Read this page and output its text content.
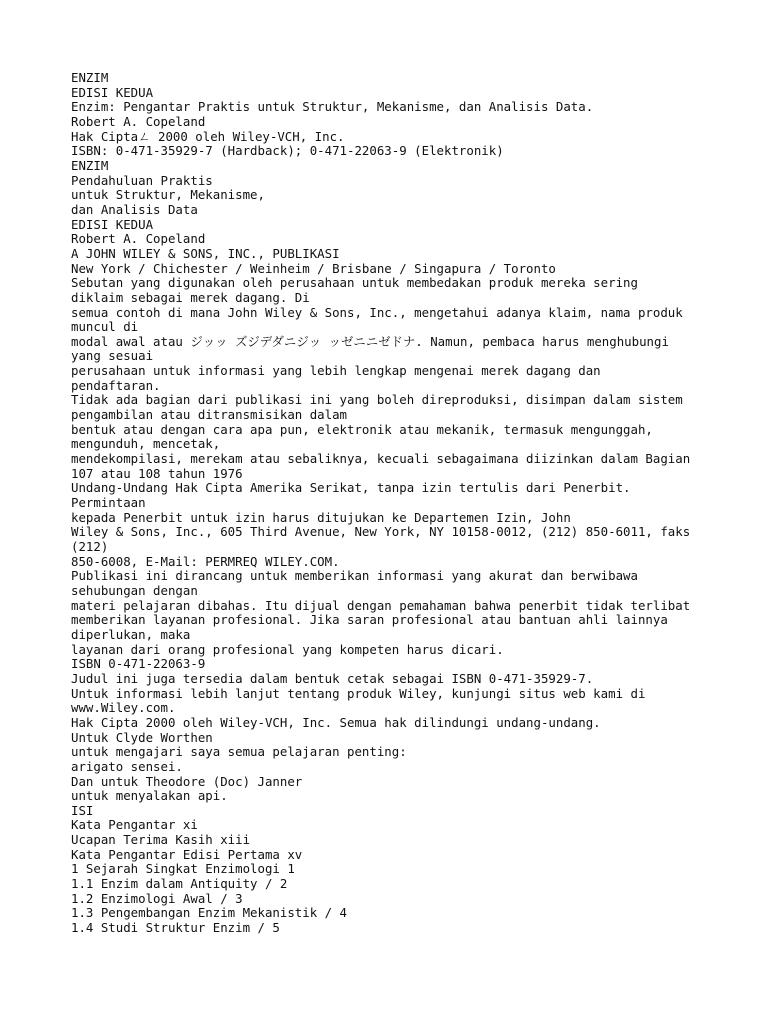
ENZIM
EDISI KEDUA
Enzim: Pengantar Praktis untuk Struktur, Mekanisme, dan Analisis Data.
Robert A. Copeland
Hak Ciptaㄥ 2000 oleh Wiley-VCH, Inc.
ISBN: 0-471-35929-7 (Hardback); 0-471-22063-9 (Elektronik)
ENZIM
Pendahuluan Praktis
untuk Struktur, Mekanisme,
dan Analisis Data
EDISI KEDUA
Robert A. Copeland
A JOHN WILEY & SONS, INC., PUBLIKASI
New York / Chichester / Weinheim / Brisbane / Singapura / Toronto
Sebutan yang digunakan oleh perusahaan untuk membedakan produk mereka sering
diklaim sebagai merek dagang. Di
semua contoh di mana John Wiley & Sons, Inc., mengetahui adanya klaim, nama produk
muncul di
modal awal atau ジッッ ズジデダニジッ ッゼニニゼドナ. Namun, pembaca harus menghubungi
yang sesuai
perusahaan untuk informasi yang lebih lengkap mengenai merek dagang dan
pendaftaran.
Tidak ada bagian dari publikasi ini yang boleh direproduksi, disimpan dalam sistem
pengambilan atau ditransmisikan dalam
bentuk atau dengan cara apa pun, elektronik atau mekanik, termasuk mengunggah,
mengunduh, mencetak,
mendekompilasi, merekam atau sebaliknya, kecuali sebagaimana diizinkan dalam Bagian
107 atau 108 tahun 1976
Undang-Undang Hak Cipta Amerika Serikat, tanpa izin tertulis dari Penerbit.
Permintaan
kepada Penerbit untuk izin harus ditujukan ke Departemen Izin, John
Wiley & Sons, Inc., 605 Third Avenue, New York, NY 10158-0012, (212) 850-6011, faks
(212)
850-6008, E-Mail: PERMREQ WILEY.COM.
Publikasi ini dirancang untuk memberikan informasi yang akurat dan berwibawa
sehubungan dengan
materi pelajaran dibahas. Itu dijual dengan pemahaman bahwa penerbit tidak terlibat
memberikan layanan profesional. Jika saran profesional atau bantuan ahli lainnya
diperlukan, maka
layanan dari orang profesional yang kompeten harus dicari.
ISBN 0-471-22063-9
Judul ini juga tersedia dalam bentuk cetak sebagai ISBN 0-471-35929-7.
Untuk informasi lebih lanjut tentang produk Wiley, kunjungi situs web kami di
www.Wiley.com.
Hak Cipta 2000 oleh Wiley-VCH, Inc. Semua hak dilindungi undang-undang.
Untuk Clyde Worthen
untuk mengajari saya semua pelajaran penting:
arigato sensei.
Dan untuk Theodore (Doc) Janner
untuk menyalakan api.
ISI
Kata Pengantar xi
Ucapan Terima Kasih xiii
Kata Pengantar Edisi Pertama xv
1 Sejarah Singkat Enzimologi 1
1.1 Enzim dalam Antiquity / 2
1.2 Enzimologi Awal / 3
1.3 Pengembangan Enzim Mekanistik / 4
1.4 Studi Struktur Enzim / 5
